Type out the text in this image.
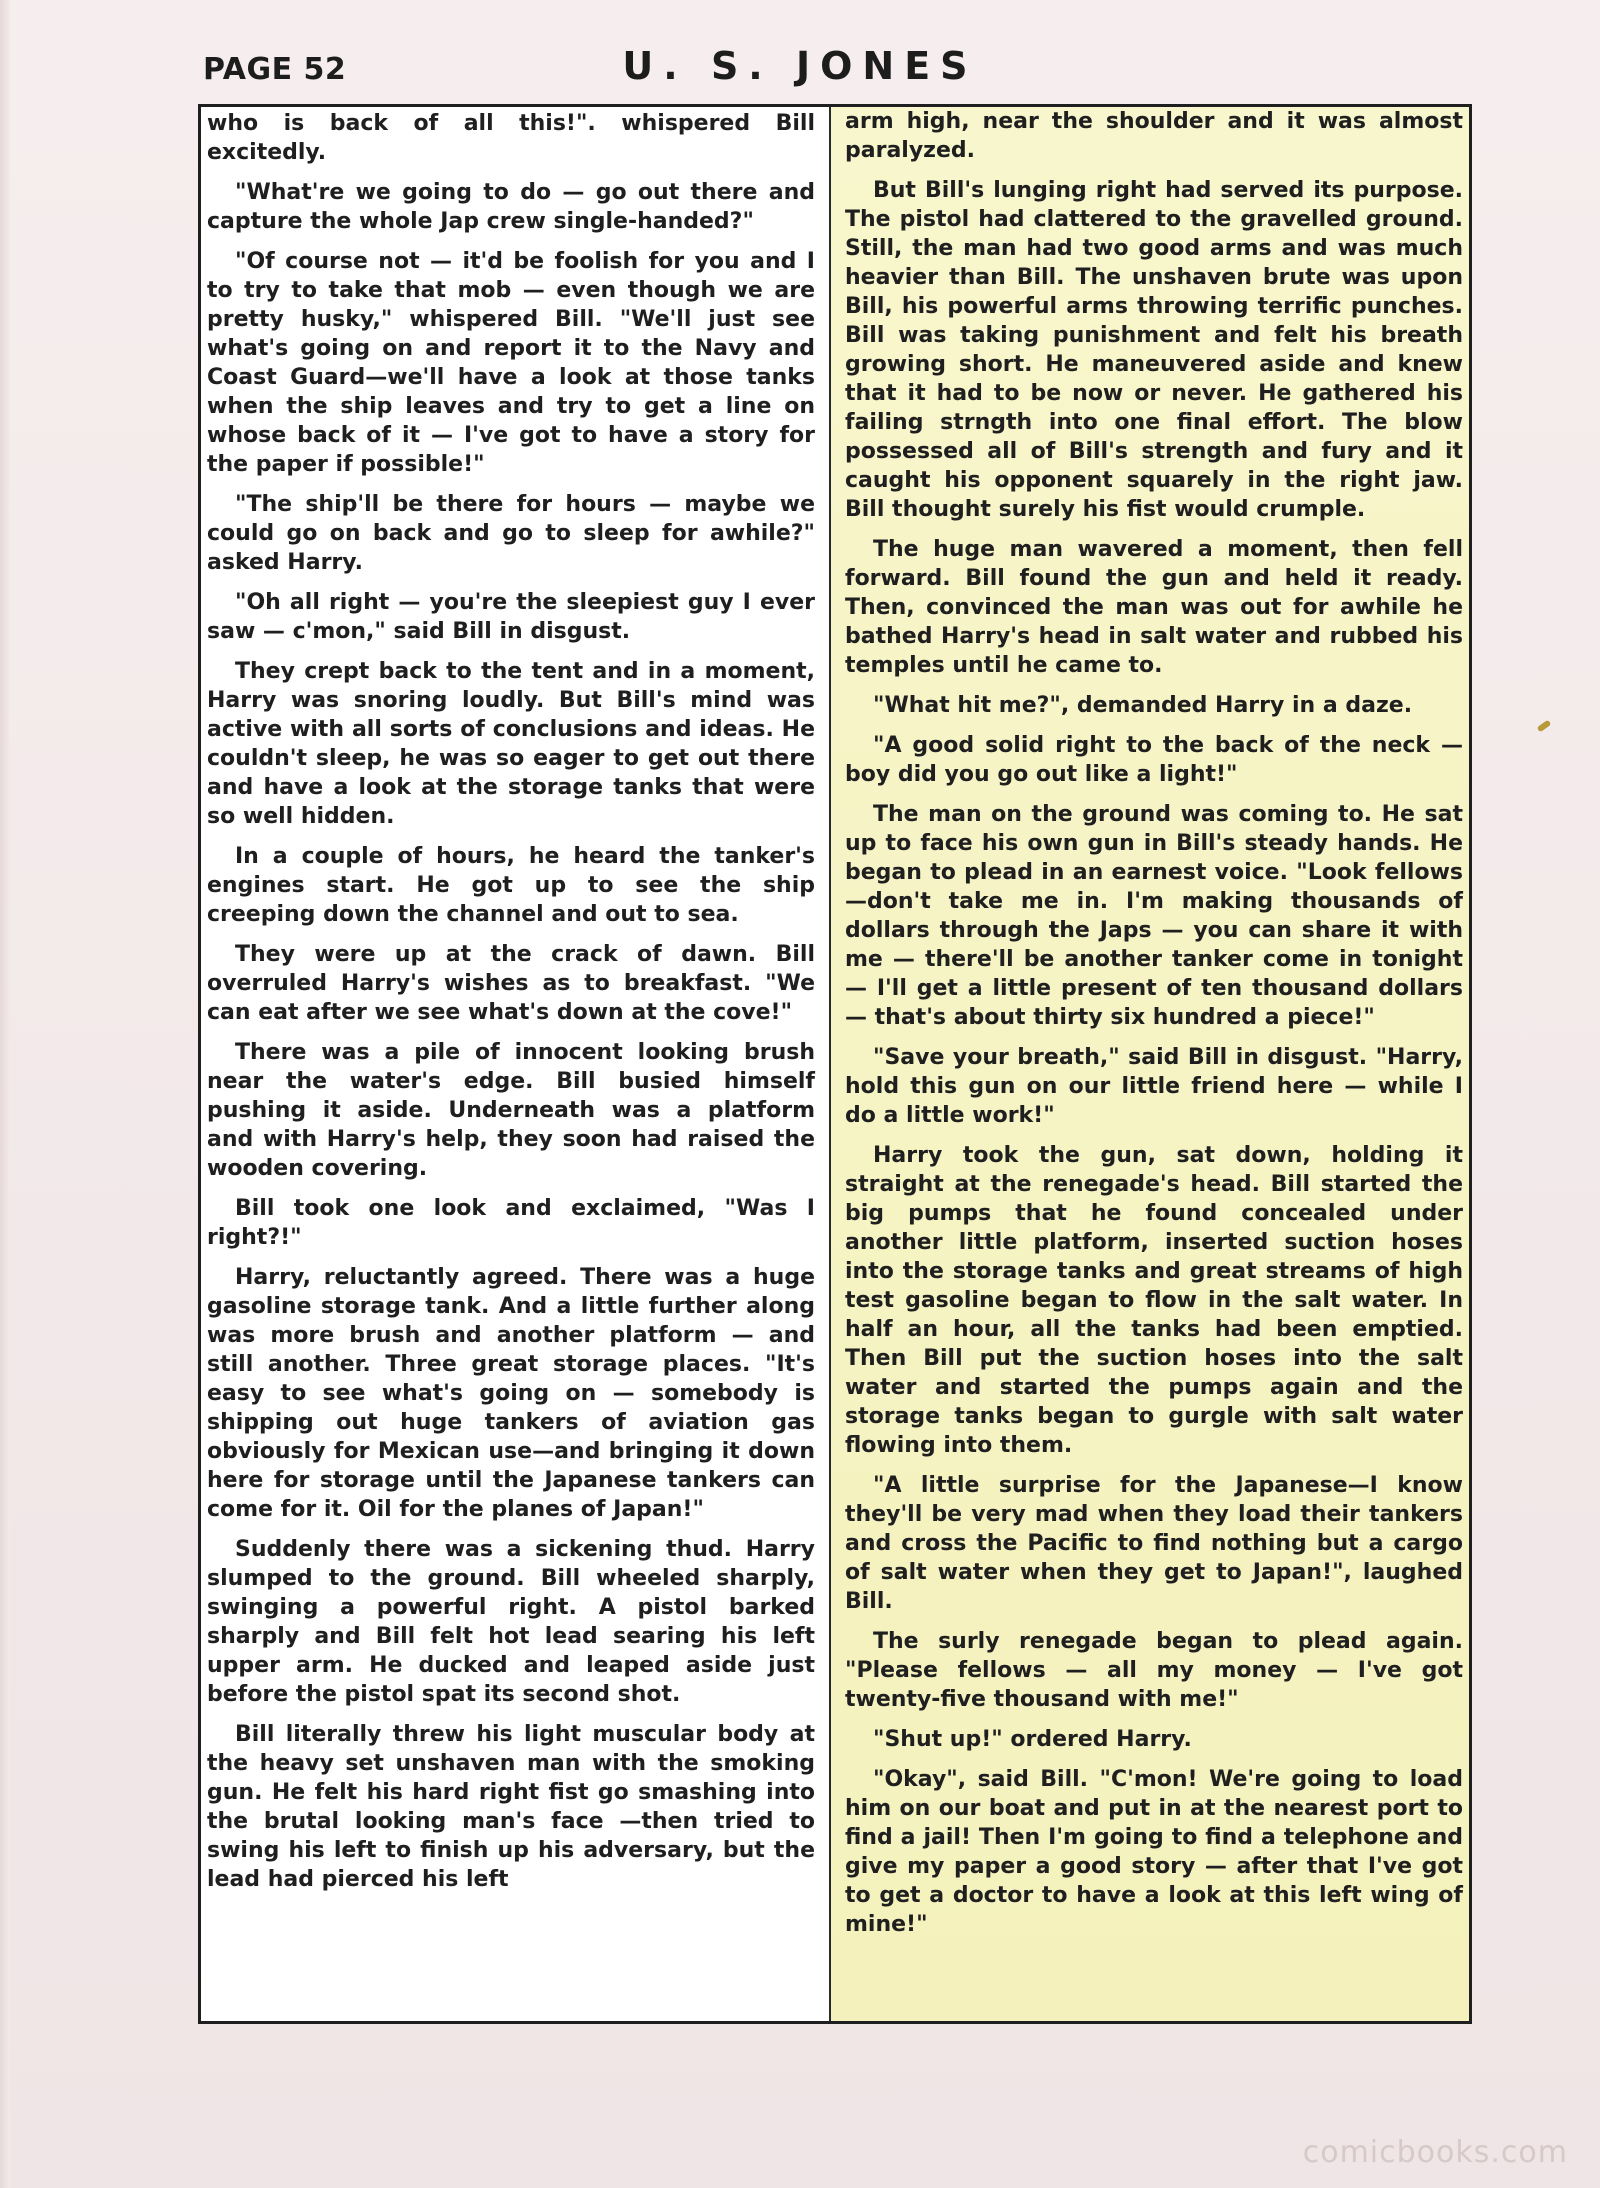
PAGE 52	U. S. JONES

who is back of all this!". whispered Bill excitedly.

"What're we going to do — go out there and capture the whole Jap crew single-handed?"

"Of course not — it'd be foolish for you and I to try to take that mob — even though we are pretty husky," whispered Bill. "We'll just see what's going on and report it to the Navy and Coast Guard—we'll have a look at those tanks when the ship leaves and try to get a line on whose back of it — I've got to have a story for the paper if possible!"

"The ship'll be there for hours — maybe we could go on back and go to sleep for awhile?" asked Harry.

"Oh all right — you're the sleepiest guy I ever saw — c'mon," said Bill in disgust.

They crept back to the tent and in a moment, Harry was snoring loudly. But Bill's mind was active with all sorts of conclusions and ideas. He couldn't sleep, he was so eager to get out there and have a look at the storage tanks that were so well hidden.

In a couple of hours, he heard the tanker's engines start. He got up to see the ship creeping down the channel and out to sea.

They were up at the crack of dawn. Bill overruled Harry's wishes as to breakfast. "We can eat after we see what's down at the cove!"

There was a pile of innocent looking brush near the water's edge. Bill busied himself pushing it aside. Underneath was a platform and with Harry's help, they soon had raised the wooden covering.

Bill took one look and exclaimed, "Was I right?!"

Harry, reluctantly agreed. There was a huge gasoline storage tank. And a little further along was more brush and another platform — and still another. Three great storage places. "It's easy to see what's going on — somebody is shipping out huge tankers of aviation gas obviously for Mexican use—and bringing it down here for storage until the Japanese tankers can come for it. Oil for the planes of Japan!"

Suddenly there was a sickening thud. Harry slumped to the ground. Bill wheeled sharply, swinging a powerful right. A pistol barked sharply and Bill felt hot lead searing his left upper arm. He ducked and leaped aside just before the pistol spat its second shot.

Bill literally threw his light muscular body at the heavy set unshaven man with the smoking gun. He felt his hard right fist go smashing into the brutal looking man's face —then tried to swing his left to finish up his adversary, but the lead had pierced his left

arm high, near the shoulder and it was almost paralyzed.

But Bill's lunging right had served its purpose. The pistol had clattered to the gravelled ground. Still, the man had two good arms and was much heavier than Bill. The unshaven brute was upon Bill, his powerful arms throwing terrific punches. Bill was taking punishment and felt his breath growing short. He maneuvered aside and knew that it had to be now or never. He gathered his failing strngth into one final effort. The blow possessed all of Bill's strength and fury and it caught his opponent squarely in the right jaw. Bill thought surely his fist would crumple.

The huge man wavered a moment, then fell forward. Bill found the gun and held it ready. Then, convinced the man was out for awhile he bathed Harry's head in salt water and rubbed his temples until he came to.

"What hit me?", demanded Harry in a daze.

"A good solid right to the back of the neck — boy did you go out like a light!"

The man on the ground was coming to. He sat up to face his own gun in Bill's steady hands. He began to plead in an earnest voice. "Look fellows—don't take me in. I'm making thousands of dollars through the Japs — you can share it with me — there'll be another tanker come in tonight — I'll get a little present of ten thousand dollars — that's about thirty six hundred a piece!"

"Save your breath," said Bill in disgust. "Harry, hold this gun on our little friend here — while I do a little work!"

Harry took the gun, sat down, holding it straight at the renegade's head. Bill started the big pumps that he found concealed under another little platform, inserted suction hoses into the storage tanks and great streams of high test gasoline began to flow in the salt water. In half an hour, all the tanks had been emptied. Then Bill put the suction hoses into the salt water and started the pumps again and the storage tanks began to gurgle with salt water flowing into them.

"A little surprise for the Japanese—I know they'll be very mad when they load their tankers and cross the Pacific to find nothing but a cargo of salt water when they get to Japan!", laughed Bill.

The surly renegade began to plead again. "Please fellows — all my money — I've got twenty-five thousand with me!"

"Shut up!" ordered Harry.

"Okay", said Bill. "C'mon! We're going to load him on our boat and put in at the nearest port to find a jail! Then I'm going to find a telephone and give my paper a good story — after that I've got to get a doctor to have a look at this left wing of mine!"

comicbooks.com
